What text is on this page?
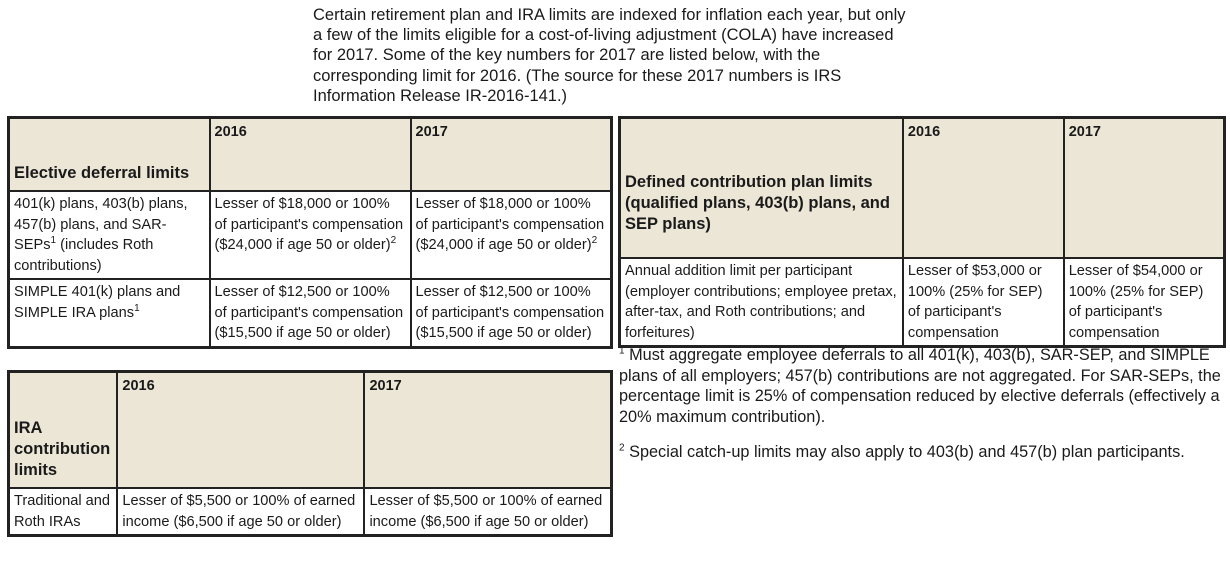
Certain retirement plan and IRA limits are indexed for inflation each year, but only a few of the limits eligible for a cost-of-living adjustment (COLA) have increased for 2017. Some of the key numbers for 2017 are listed below, with the corresponding limit for 2016. (The source for these 2017 numbers is IRS Information Release IR-2016-141.)

Elective deferral limits	2016	2017
401(k) plans, 403(b) plans, 457(b) plans, and SAR-SEPs$^1$ (includes Roth contributions)	Lesser of $18,000 or 100% of participant's compensation ($24,000 if age 50 or older)$^2$	Lesser of $18,000 or 100% of participant's compensation ($24,000 if age 50 or older)$^2$
SIMPLE 401(k) plans and SIMPLE IRA plans$^1$	Lesser of $12,500 or 100% of participant's compensation ($15,500 if age 50 or older)	Lesser of $12,500 or 100% of participant's compensation ($15,500 if age 50 or older)
IRA contribution limits	2016	2017
Traditional and Roth IRAs	Lesser of $5,500 or 100% of earned income ($6,500 if age 50 or older)	Lesser of $5,500 or 100% of earned income ($6,500 if age 50 or older)
Defined contribution plan limits (qualified plans, 403(b) plans, and SEP plans)	2016	2017
Annual addition limit per participant (employer contributions; employee pretax, after-tax, and Roth contributions; and forfeitures)	Lesser of $53,000 or 100% (25% for SEP) of participant's compensation	Lesser of $54,000 or 100% (25% for SEP) of participant's compensation

$^1$ Must aggregate employee deferrals to all 401(k), 403(b), SAR-SEP, and SIMPLE plans of all employers; 457(b) contributions are not aggregated. For SAR-SEPs, the percentage limit is 25% of compensation reduced by elective deferrals (effectively a 20% maximum contribution).

$^2$ Special catch-up limits may also apply to 403(b) and 457(b) plan participants.
